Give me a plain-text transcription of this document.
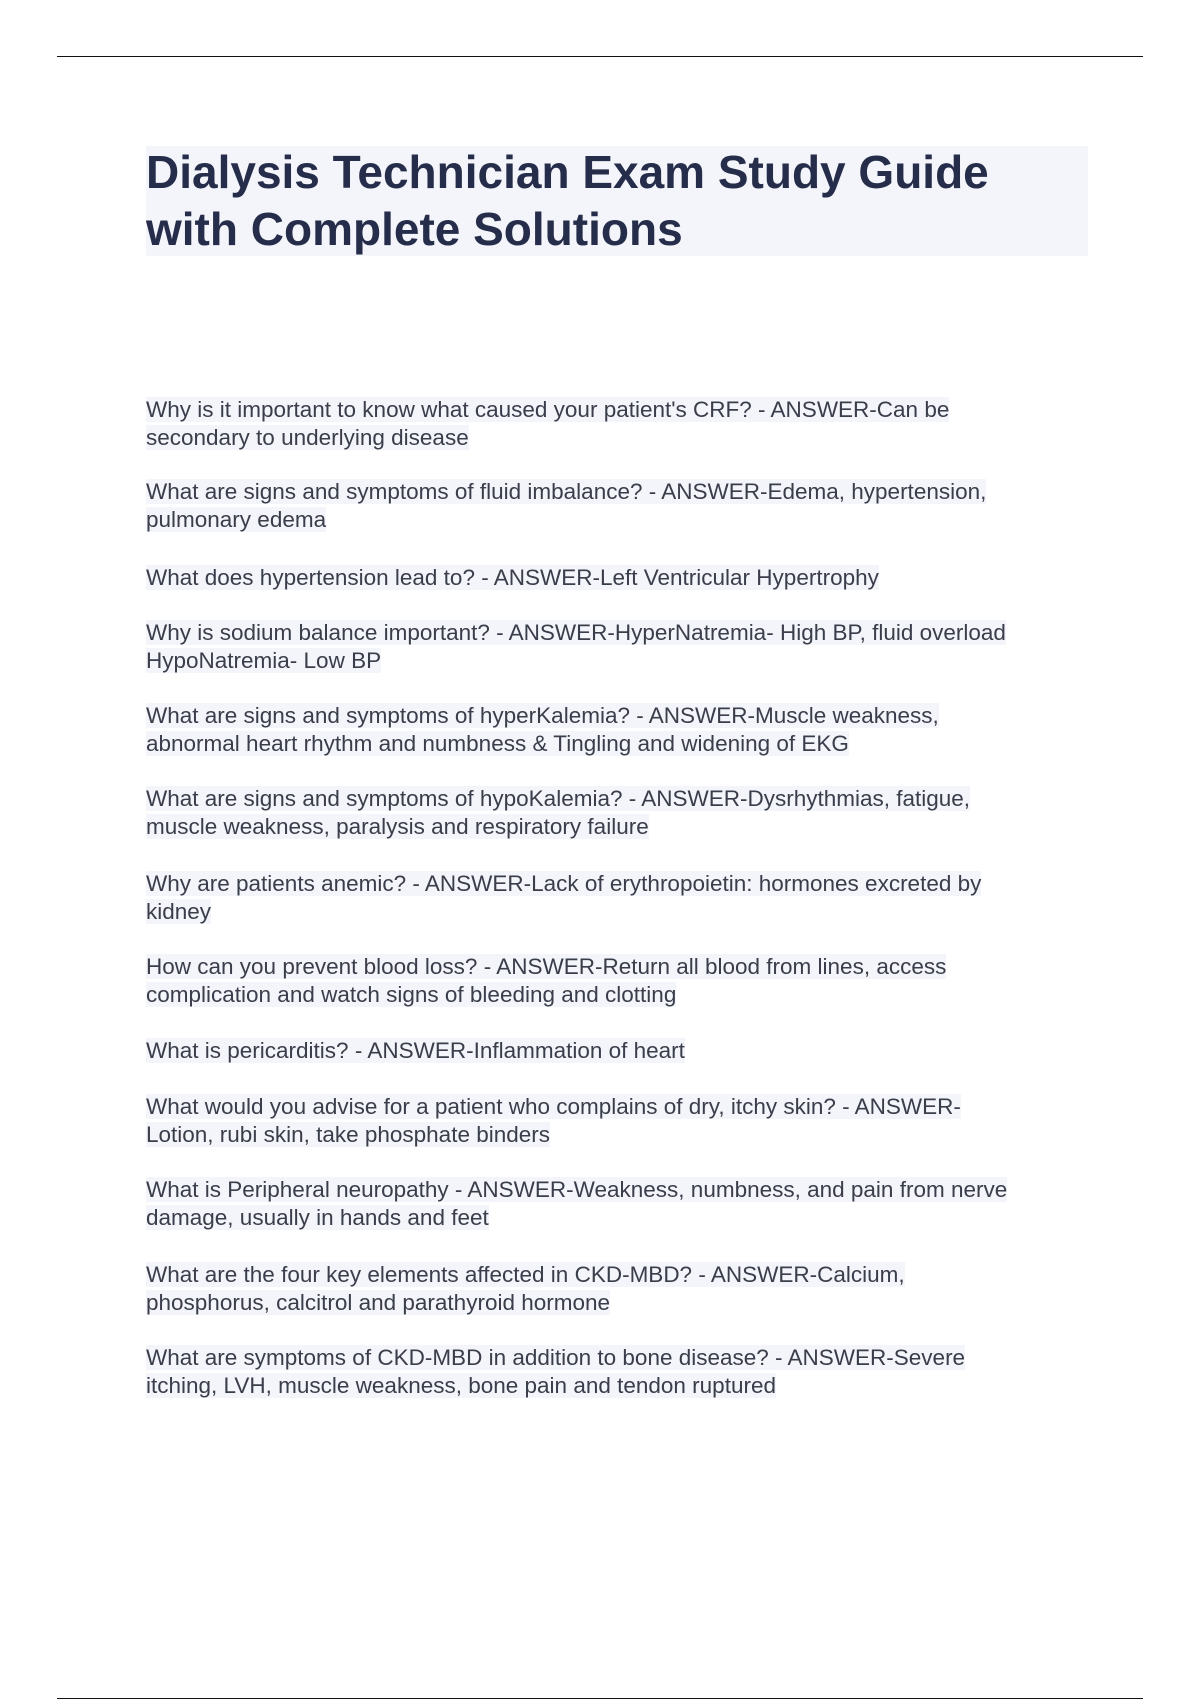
Dialysis Technician Exam Study Guide
with Complete Solutions
Why is it important to know what caused your patient's CRF? - ANSWER-Can be
secondary to underlying disease
What are signs and symptoms of fluid imbalance? - ANSWER-Edema, hypertension,
pulmonary edema
What does hypertension lead to? - ANSWER-Left Ventricular Hypertrophy
Why is sodium balance important? - ANSWER-HyperNatremia- High BP, fluid overload
HypoNatremia- Low BP
What are signs and symptoms of hyperKalemia? - ANSWER-Muscle weakness,
abnormal heart rhythm and numbness & Tingling and widening of EKG
What are signs and symptoms of hypoKalemia? - ANSWER-Dysrhythmias, fatigue,
muscle weakness, paralysis and respiratory failure
Why are patients anemic? - ANSWER-Lack of erythropoietin: hormones excreted by
kidney
How can you prevent blood loss? - ANSWER-Return all blood from lines, access
complication and watch signs of bleeding and clotting
What is pericarditis? - ANSWER-Inflammation of heart
What would you advise for a patient who complains of dry, itchy skin? - ANSWER-
Lotion, rubi skin, take phosphate binders
What is Peripheral neuropathy - ANSWER-Weakness, numbness, and pain from nerve
damage, usually in hands and feet
What are the four key elements affected in CKD-MBD? - ANSWER-Calcium,
phosphorus, calcitrol and parathyroid hormone
What are symptoms of CKD-MBD in addition to bone disease? - ANSWER-Severe
itching, LVH, muscle weakness, bone pain and tendon ruptured
